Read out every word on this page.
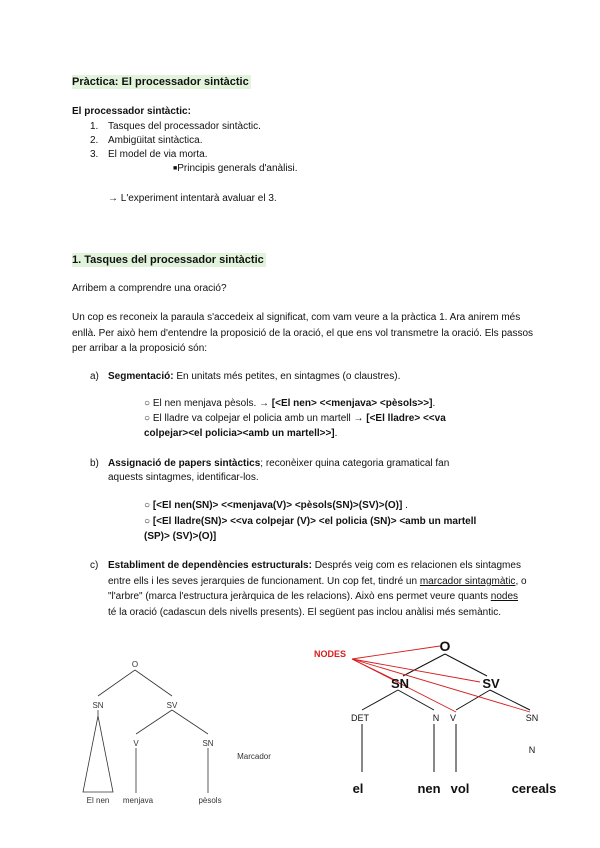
Pràctica: El processador sintàctic
El processador sintàctic:
1. Tasques del processador sintàctic.
2. Ambigüitat sintàctica.
3. El model de via morta.
■Principis generals d'anàlisi.
→ L'experiment intentarà avaluar el 3.
1. Tasques del processador sintàctic
Arribem a comprendre una oració?
Un cop es reconeix la paraula s'accedeix al significat, com vam veure a la pràctica 1. Ara anirem més enllà. Per això hem d'entendre la proposició de la oració, el que ens vol transmetre la oració. Els passos per arribar a la proposició són:
a) Segmentació: En unitats més petites, en sintagmes (o claustres).
○ El nen menjava pèsols. → [<El nen> <<menjava> <pèsols>>].
○ El lladre va colpejar el policia amb un martell → [<El lladre> <<va
colpejar><el policia><amb un martell>>].
b) Assignació de papers sintàctics; reconèixer quina categoria gramatical fan
aquests sintagmes, identificar-los.
○ [<El nen(SN)> <<menjava(V)> <pèsols(SN)>(SV)>(O)] .
○ [<El lladre(SN)> <<va colpejar (V)> <el policia (SN)> <amb un martell
(SP)> (SV)>(O)]
c) Establiment de dependències estructurals: Després veig com es relacionen els sintagmes entre ells i les seves jerarquies de funcionament. Un cop fet, tindré un marcador sintagmàtic, o "l'arbre" (marca l'estructura jeràrquica de les relacions). Això ens permet veure quants nodes té la oració (cadascun dels nivells presents). El següent pas inclou anàlisi més semàntic.
O
SN	SV
V	SN
El nen menjava	pèsols
Marcador
NODES	O
SN	SV
DET	N V	SN
N
el	nen vol	cereals
